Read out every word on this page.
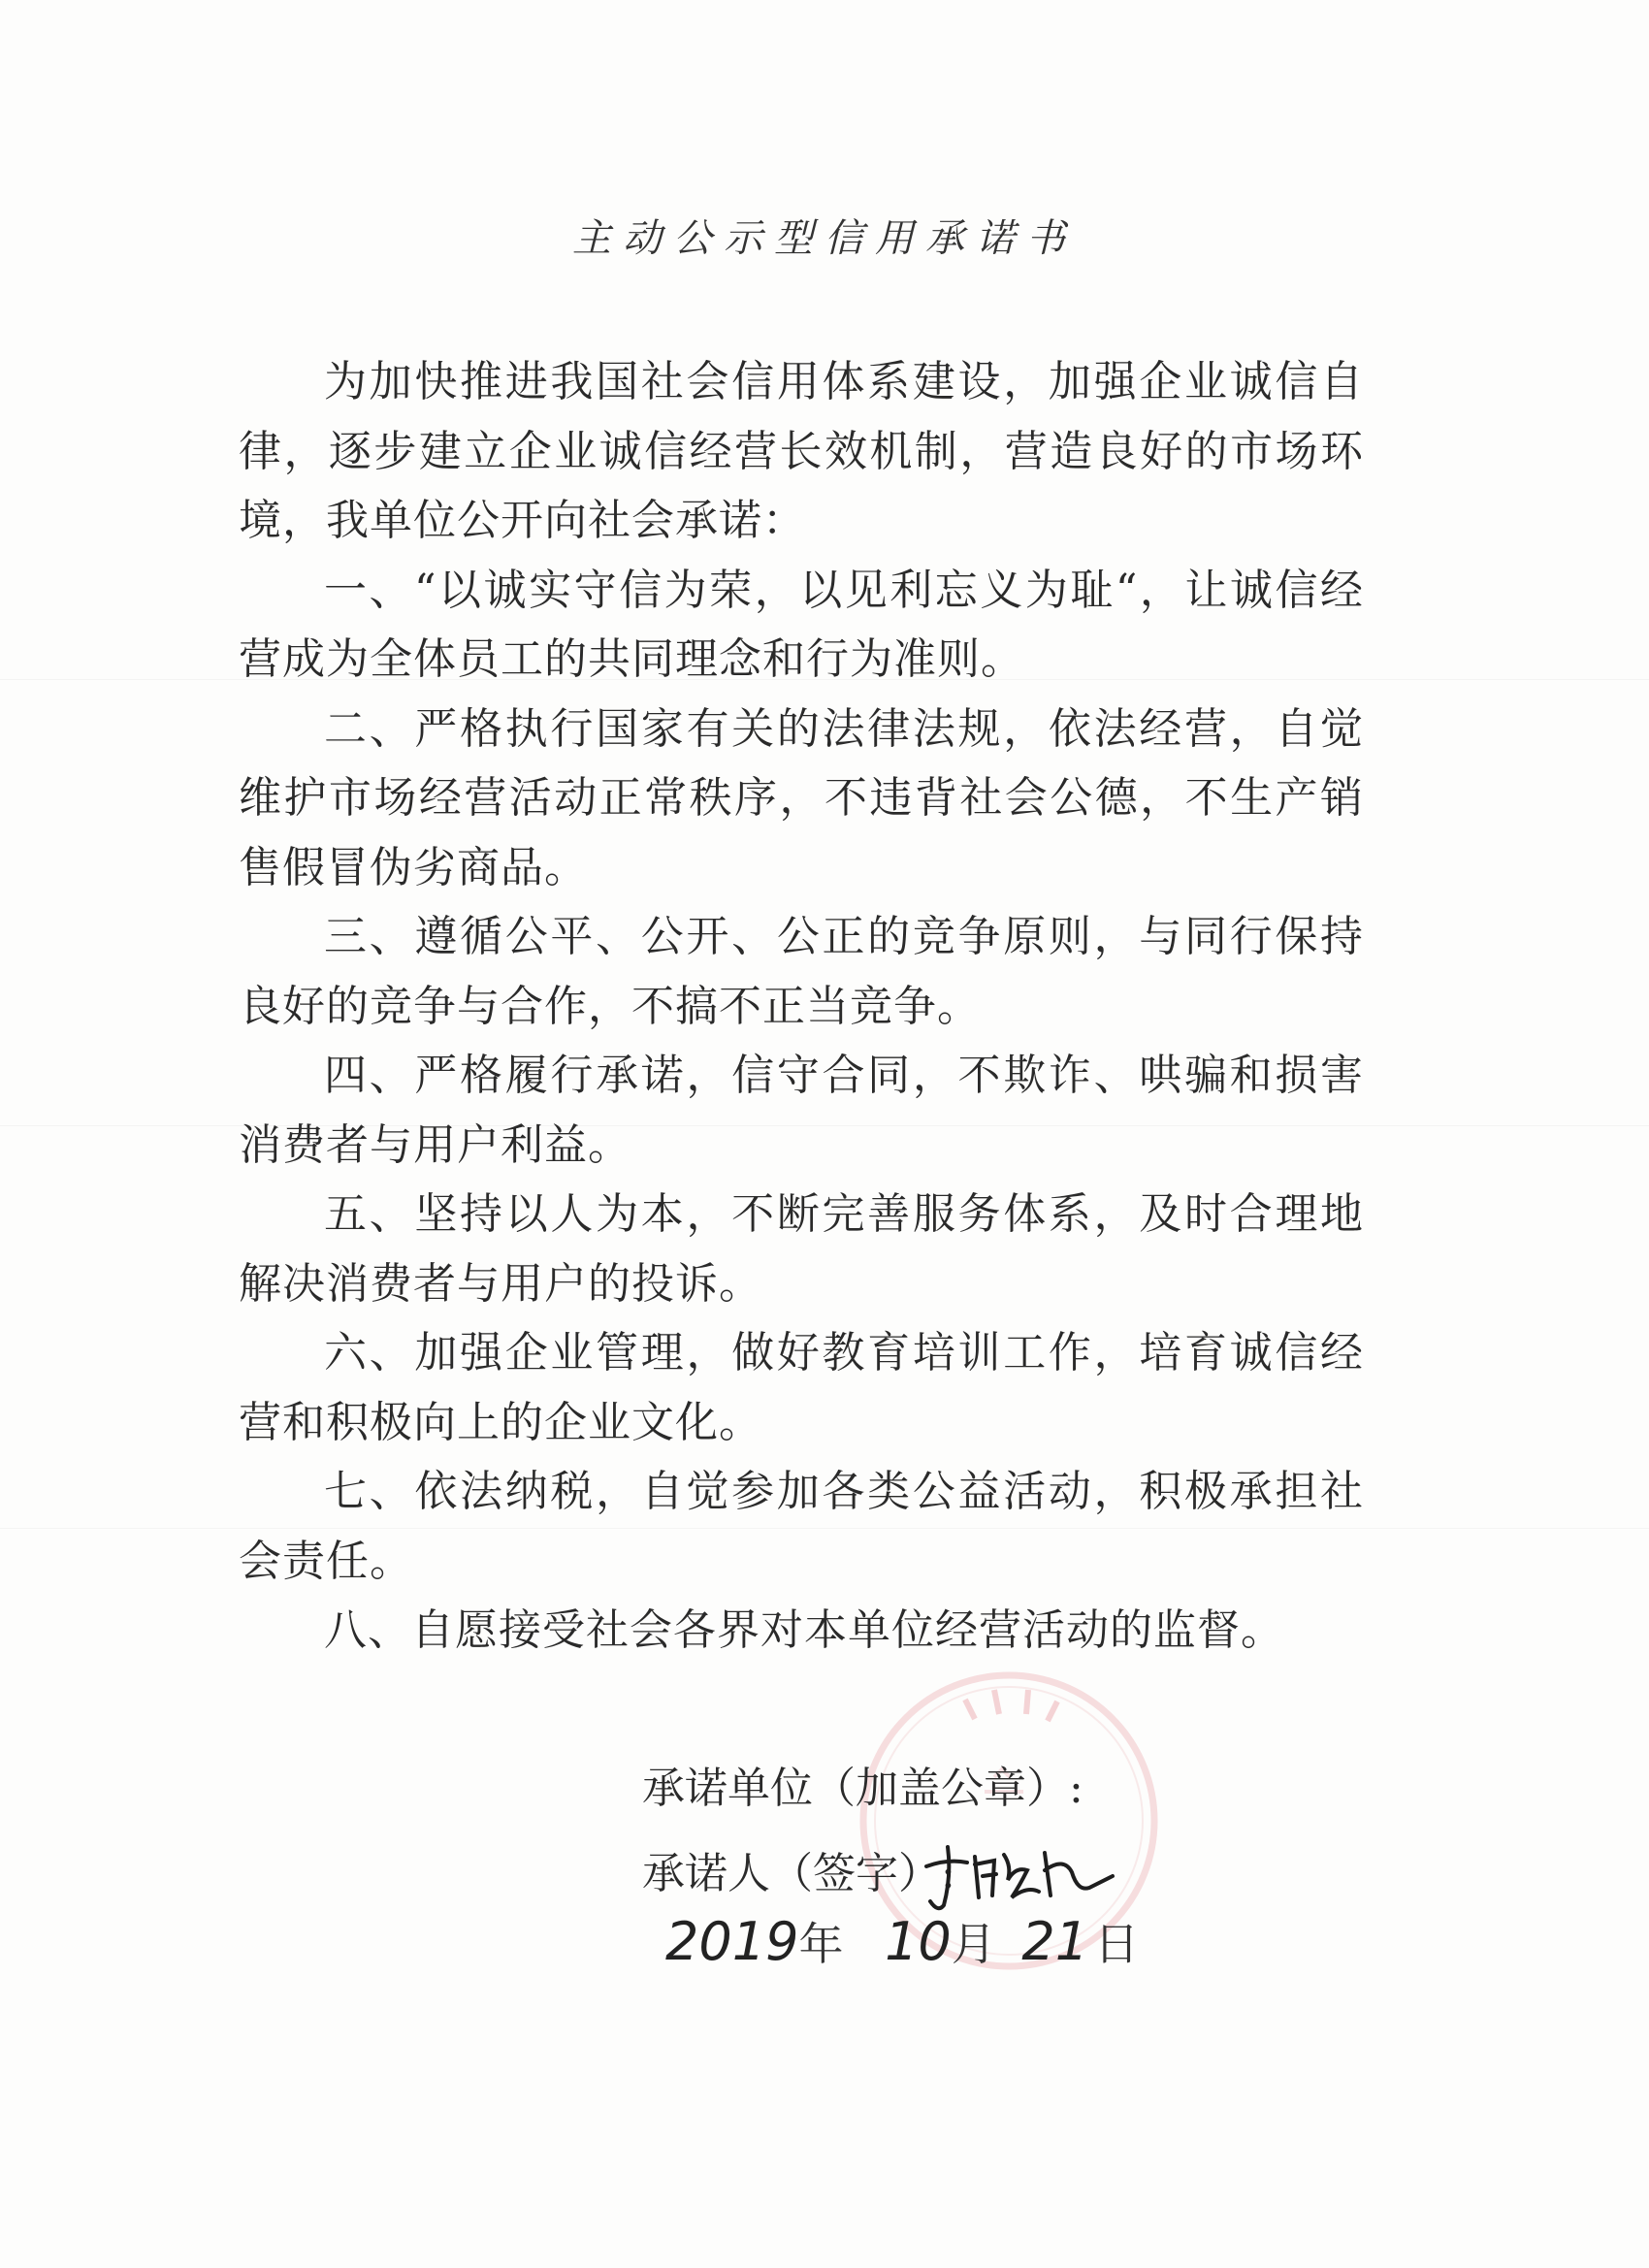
主动公示型信用承诺书

为加快推进我国社会信用体系建设，加强企业诚信自律，逐步建立企业诚信经营长效机制，营造良好的市场环境，我单位公开向社会承诺：

一、“以诚实守信为荣，以见利忘义为耻“，让诚信经营成为全体员工的共同理念和行为准则。

二、严格执行国家有关的法律法规，依法经营，自觉维护市场经营活动正常秩序，不违背社会公德，不生产销售假冒伪劣商品。

三、遵循公平、公开、公正的竞争原则，与同行保持良好的竞争与合作，不搞不正当竞争。

四、严格履行承诺，信守合同，不欺诈、哄骗和损害消费者与用户利益。

五、坚持以人为本，不断完善服务体系，及时合理地解决消费者与用户的投诉。

六、加强企业管理，做好教育培训工作，培育诚信经营和积极向上的企业文化。

七、依法纳税，自觉参加各类公益活动，积极承担社会责任。

八、自愿接受社会各界对本单位经营活动的监督。

承诺单位（加盖公章）:
承诺人（签字）:
2019年 10月 21 日
